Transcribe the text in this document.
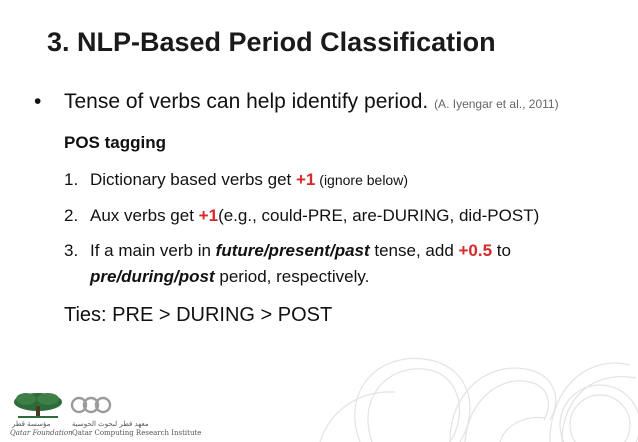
3. NLP-Based Period Classification
• Tense of verbs can help identify period. (A. Iyengar et al., 2011)
POS tagging
1. Dictionary based verbs get +1 (ignore below)
2. Aux verbs get +1(e.g., could-PRE, are-DURING, did-POST)
3. If a main verb in future/present/past tense, add +0.5 to
pre/during/post period, respectively.
Ties: PRE > DURING > POST
مؤسسة قطر
Qatar Foundation
معهد قطر لبحوث الحوسبة
Qatar Computing Research Institute
